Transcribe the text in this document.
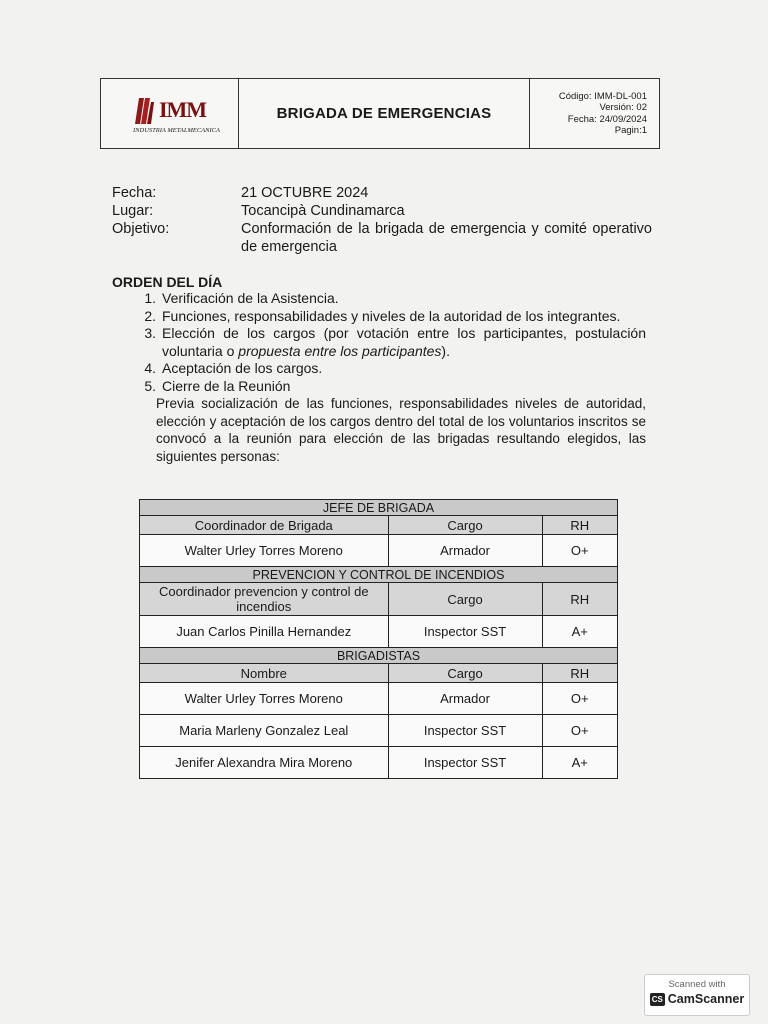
IMM
INDUSTRIA METALMECANICA
BRIGADA DE EMERGENCIAS
Código: IMM-DL-001
Versión: 02
Fecha: 24/09/2024
Pagin:1
Fecha:	21 OCTUBRE 2024
Lugar:	Tocancipà Cundinamarca
Objetivo:	Conformación de la brigada de emergencia y comité operativo de emergencia
ORDEN DEL DÍA
1. Verificación de la Asistencia.
2. Funciones, responsabilidades y niveles de la autoridad de los integrantes.
3. Elección de los cargos (por votación entre los participantes, postulación voluntaria o propuesta entre los participantes).
4. Aceptación de los cargos.
5. Cierre de la Reunión
Previa socialización de las funciones, responsabilidades niveles de autoridad, elección y aceptación de los cargos dentro del total de los voluntarios inscritos se convocó a la reunión para elección de las brigadas resultando elegidos, las siguientes personas:
JEFE DE BRIGADA		
Coordinador de Brigada	Cargo	RH
Walter Urley Torres Moreno	Armador	O+
PREVENCION Y CONTROL DE INCENDIOS		
Coordinador prevencion y control de incendios	Cargo	RH
Juan Carlos Pinilla Hernandez	Inspector SST	A+
BRIGADISTAS		
Nombre	Cargo	RH
Walter Urley Torres Moreno	Armador	O+
Maria Marleny Gonzalez Leal	Inspector SST	O+
Jenifer Alexandra Mira Moreno	Inspector SST	A+
Scanned with
CS CamScanner
